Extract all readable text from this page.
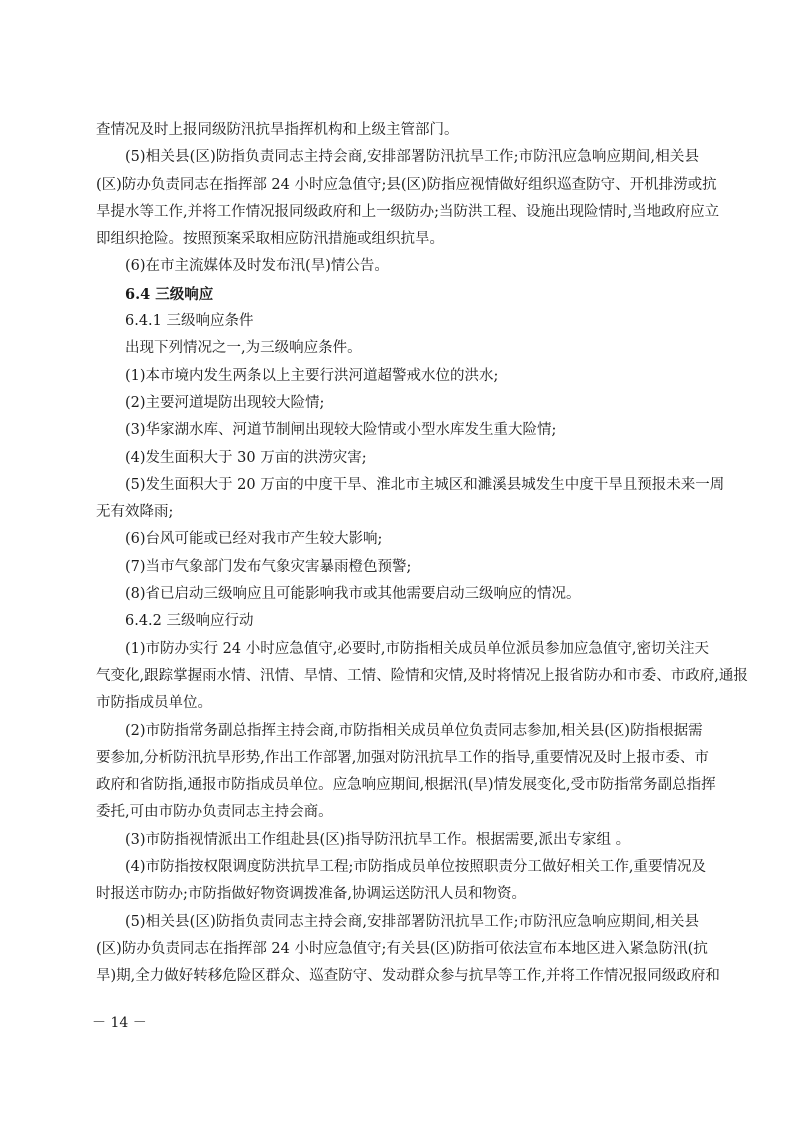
查情况及时上报同级防汛抗旱指挥机构和上级主管部门。
(5)相关县(区)防指负责同志主持会商,安排部署防汛抗旱工作;市防汛应急响应期间,相关县
(区)防办负责同志在指挥部 24 小时应急值守;县(区)防指应视情做好组织巡查防守、开机排涝或抗
旱提水等工作,并将工作情况报同级政府和上一级防办;当防洪工程、设施出现险情时,当地政府应立
即组织抢险。按照预案采取相应防汛措施或组织抗旱。
(6)在市主流媒体及时发布汛(旱)情公告。
6.4 三级响应
6.4.1 三级响应条件
出现下列情况之一,为三级响应条件。
(1)本市境内发生两条以上主要行洪河道超警戒水位的洪水;
(2)主要河道堤防出现较大险情;
(3)华家湖水库、河道节制闸出现较大险情或小型水库发生重大险情;
(4)发生面积大于 30 万亩的洪涝灾害;
(5)发生面积大于 20 万亩的中度干旱、淮北市主城区和濉溪县城发生中度干旱且预报未来一周
无有效降雨;
(6)台风可能或已经对我市产生较大影响;
(7)当市气象部门发布气象灾害暴雨橙色预警;
(8)省已启动三级响应且可能影响我市或其他需要启动三级响应的情况。
6.4.2 三级响应行动
(1)市防办实行 24 小时应急值守,必要时,市防指相关成员单位派员参加应急值守,密切关注天
气变化,跟踪掌握雨水情、汛情、旱情、工情、险情和灾情,及时将情况上报省防办和市委、市政府,通报
市防指成员单位。
(2)市防指常务副总指挥主持会商,市防指相关成员单位负责同志参加,相关县(区)防指根据需
要参加,分析防汛抗旱形势,作出工作部署,加强对防汛抗旱工作的指导,重要情况及时上报市委、市
政府和省防指,通报市防指成员单位。应急响应期间,根据汛(旱)情发展变化,受市防指常务副总指挥
委托,可由市防办负责同志主持会商。
(3)市防指视情派出工作组赴县(区)指导防汛抗旱工作。根据需要,派出专家组 。
(4)市防指按权限调度防洪抗旱工程;市防指成员单位按照职责分工做好相关工作,重要情况及
时报送市防办;市防指做好物资调拨准备,协调运送防汛人员和物资。
(5)相关县(区)防指负责同志主持会商,安排部署防汛抗旱工作;市防汛应急响应期间,相关县
(区)防办负责同志在指挥部 24 小时应急值守;有关县(区)防指可依法宣布本地区进入紧急防汛(抗
旱)期,全力做好转移危险区群众、巡查防守、发动群众参与抗旱等工作,并将工作情况报同级政府和
－ 14 －
